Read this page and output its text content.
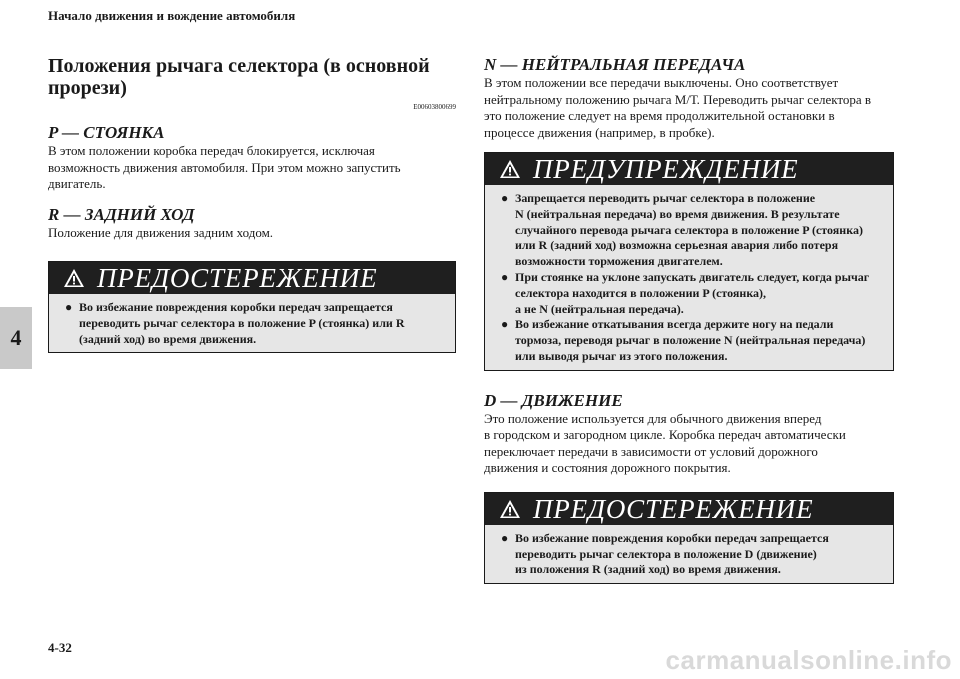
Начало движения и вождение автомобиля
4
4-32	carmanualsonline.info
Положения рычага селектора (в основной
прорези)
E00603800699
P — СТОЯНКА

В этом положении коробка передач блокируется, исключая
возможность движения автомобиля. При этом можно запустить
двигатель.

R — ЗАДНИЙ ХОД

Положение для движения задним ходом.

ПРЕДОСТЕРЕЖЕНИЕ
● Во избежание повреждения коробки передач запрещается
переводить рычаг селектора в положение P (стоянка) или R
(задний ход) во время движения.
N — НЕЙТРАЛЬНАЯ ПЕРЕДАЧА

В этом положении все передачи выключены. Оно соответствует
нейтральному положению рычага М/Т. Переводить рычаг селектора в
это положение следует на время продолжительной остановки в
процессе движения (например, в пробке).

ПРЕДУПРЕЖДЕНИЕ
● Запрещается переводить рычаг селектора в положение
N (нейтральная передача) во время движения. В результате
случайного перевода рычага селектора в положение P (стоянка)
или R (задний ход) возможна серьезная авария либо потеря
возможности торможения двигателем.
● При стоянке на уклоне запускать двигатель следует, когда рычаг
селектора находится в положении P (стоянка),
а не N (нейтральная передача).
● Во избежание откатывания всегда держите ногу на педали
тормоза, переводя рычаг в положение N (нейтральная передача)
или выводя рычаг из этого положения.
D — ДВИЖЕНИЕ

Это положение используется для обычного движения вперед
в городском и загородном цикле. Коробка передач автоматически
переключает передачи в зависимости от условий дорожного
движения и состояния дорожного покрытия.

ПРЕДОСТЕРЕЖЕНИЕ
● Во избежание повреждения коробки передач запрещается
переводить рычаг селектора в положение D (движение)
из положения R (задний ход) во время движения.
